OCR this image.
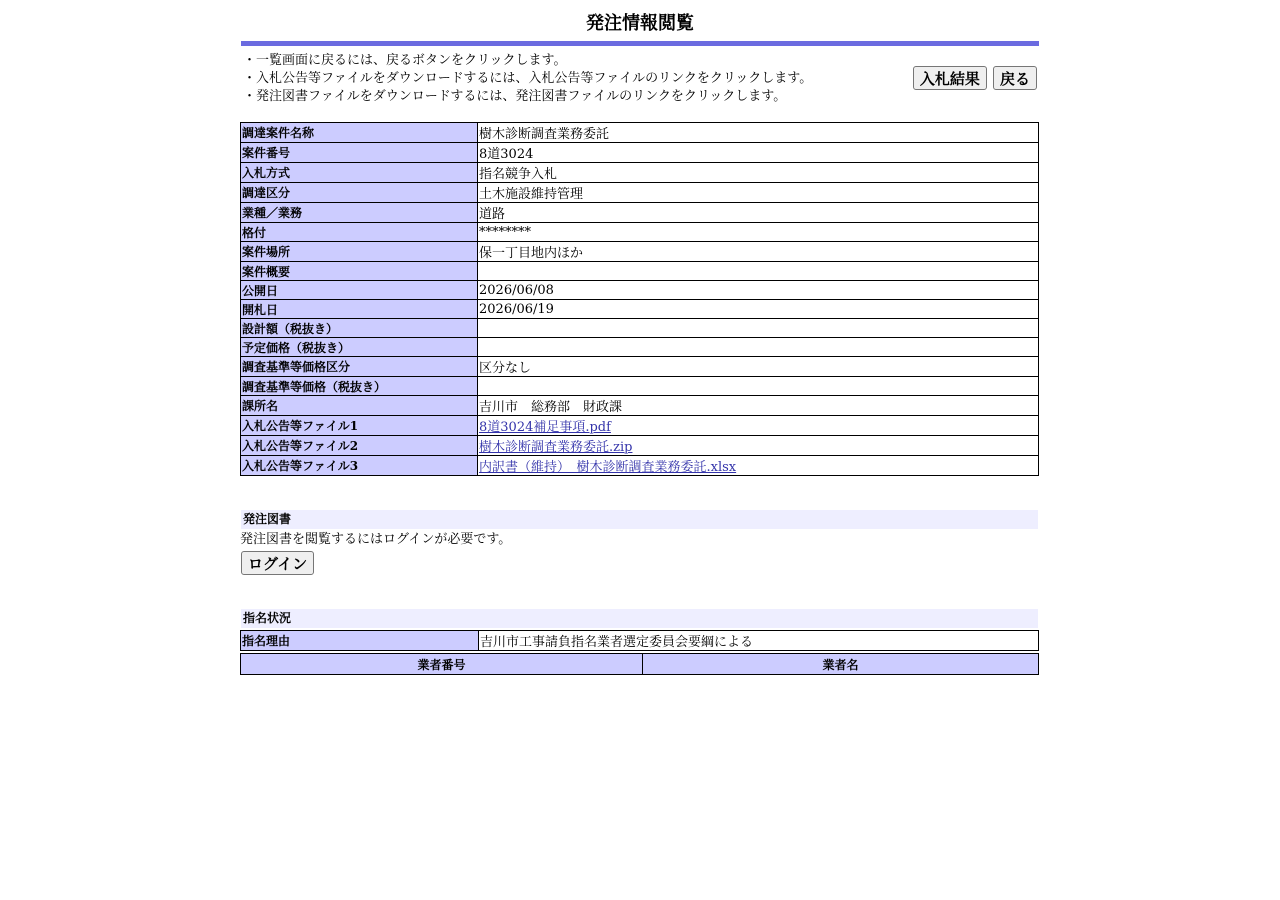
発注情報閲覧
・一覧画面に戻るには、戻るボタンをクリックします。
・入札公告等ファイルをダウンロードするには、入札公告等ファイルのリンクをクリックします。
・発注図書ファイルをダウンロードするには、発注図書ファイルのリンクをクリックします。
入札結果 戻る
調達案件名称	樹木診断調査業務委託
案件番号	8道3024
入札方式	指名競争入札
調達区分	土木施設維持管理
業種／業務	道路
格付	********
案件場所	保一丁目地内ほか
案件概要	
公開日	2026/06/08
開札日	2026/06/19
設計額（税抜き）	
予定価格（税抜き）	
調査基準等価格区分	区分なし
調査基準等価格（税抜き）	
課所名	吉川市　総務部　財政課
入札公告等ファイル1	8道3024補足事項.pdf
入札公告等ファイル2	樹木診断調査業務委託.zip
入札公告等ファイル3	内訳書（維持）　樹木診断調査業務委託.xlsx
発注図書
発注図書を閲覧するにはログインが必要です。
ログイン
指名状況
指名理由	吉川市工事請負指名業者選定委員会要綱による
業者番号	業者名
